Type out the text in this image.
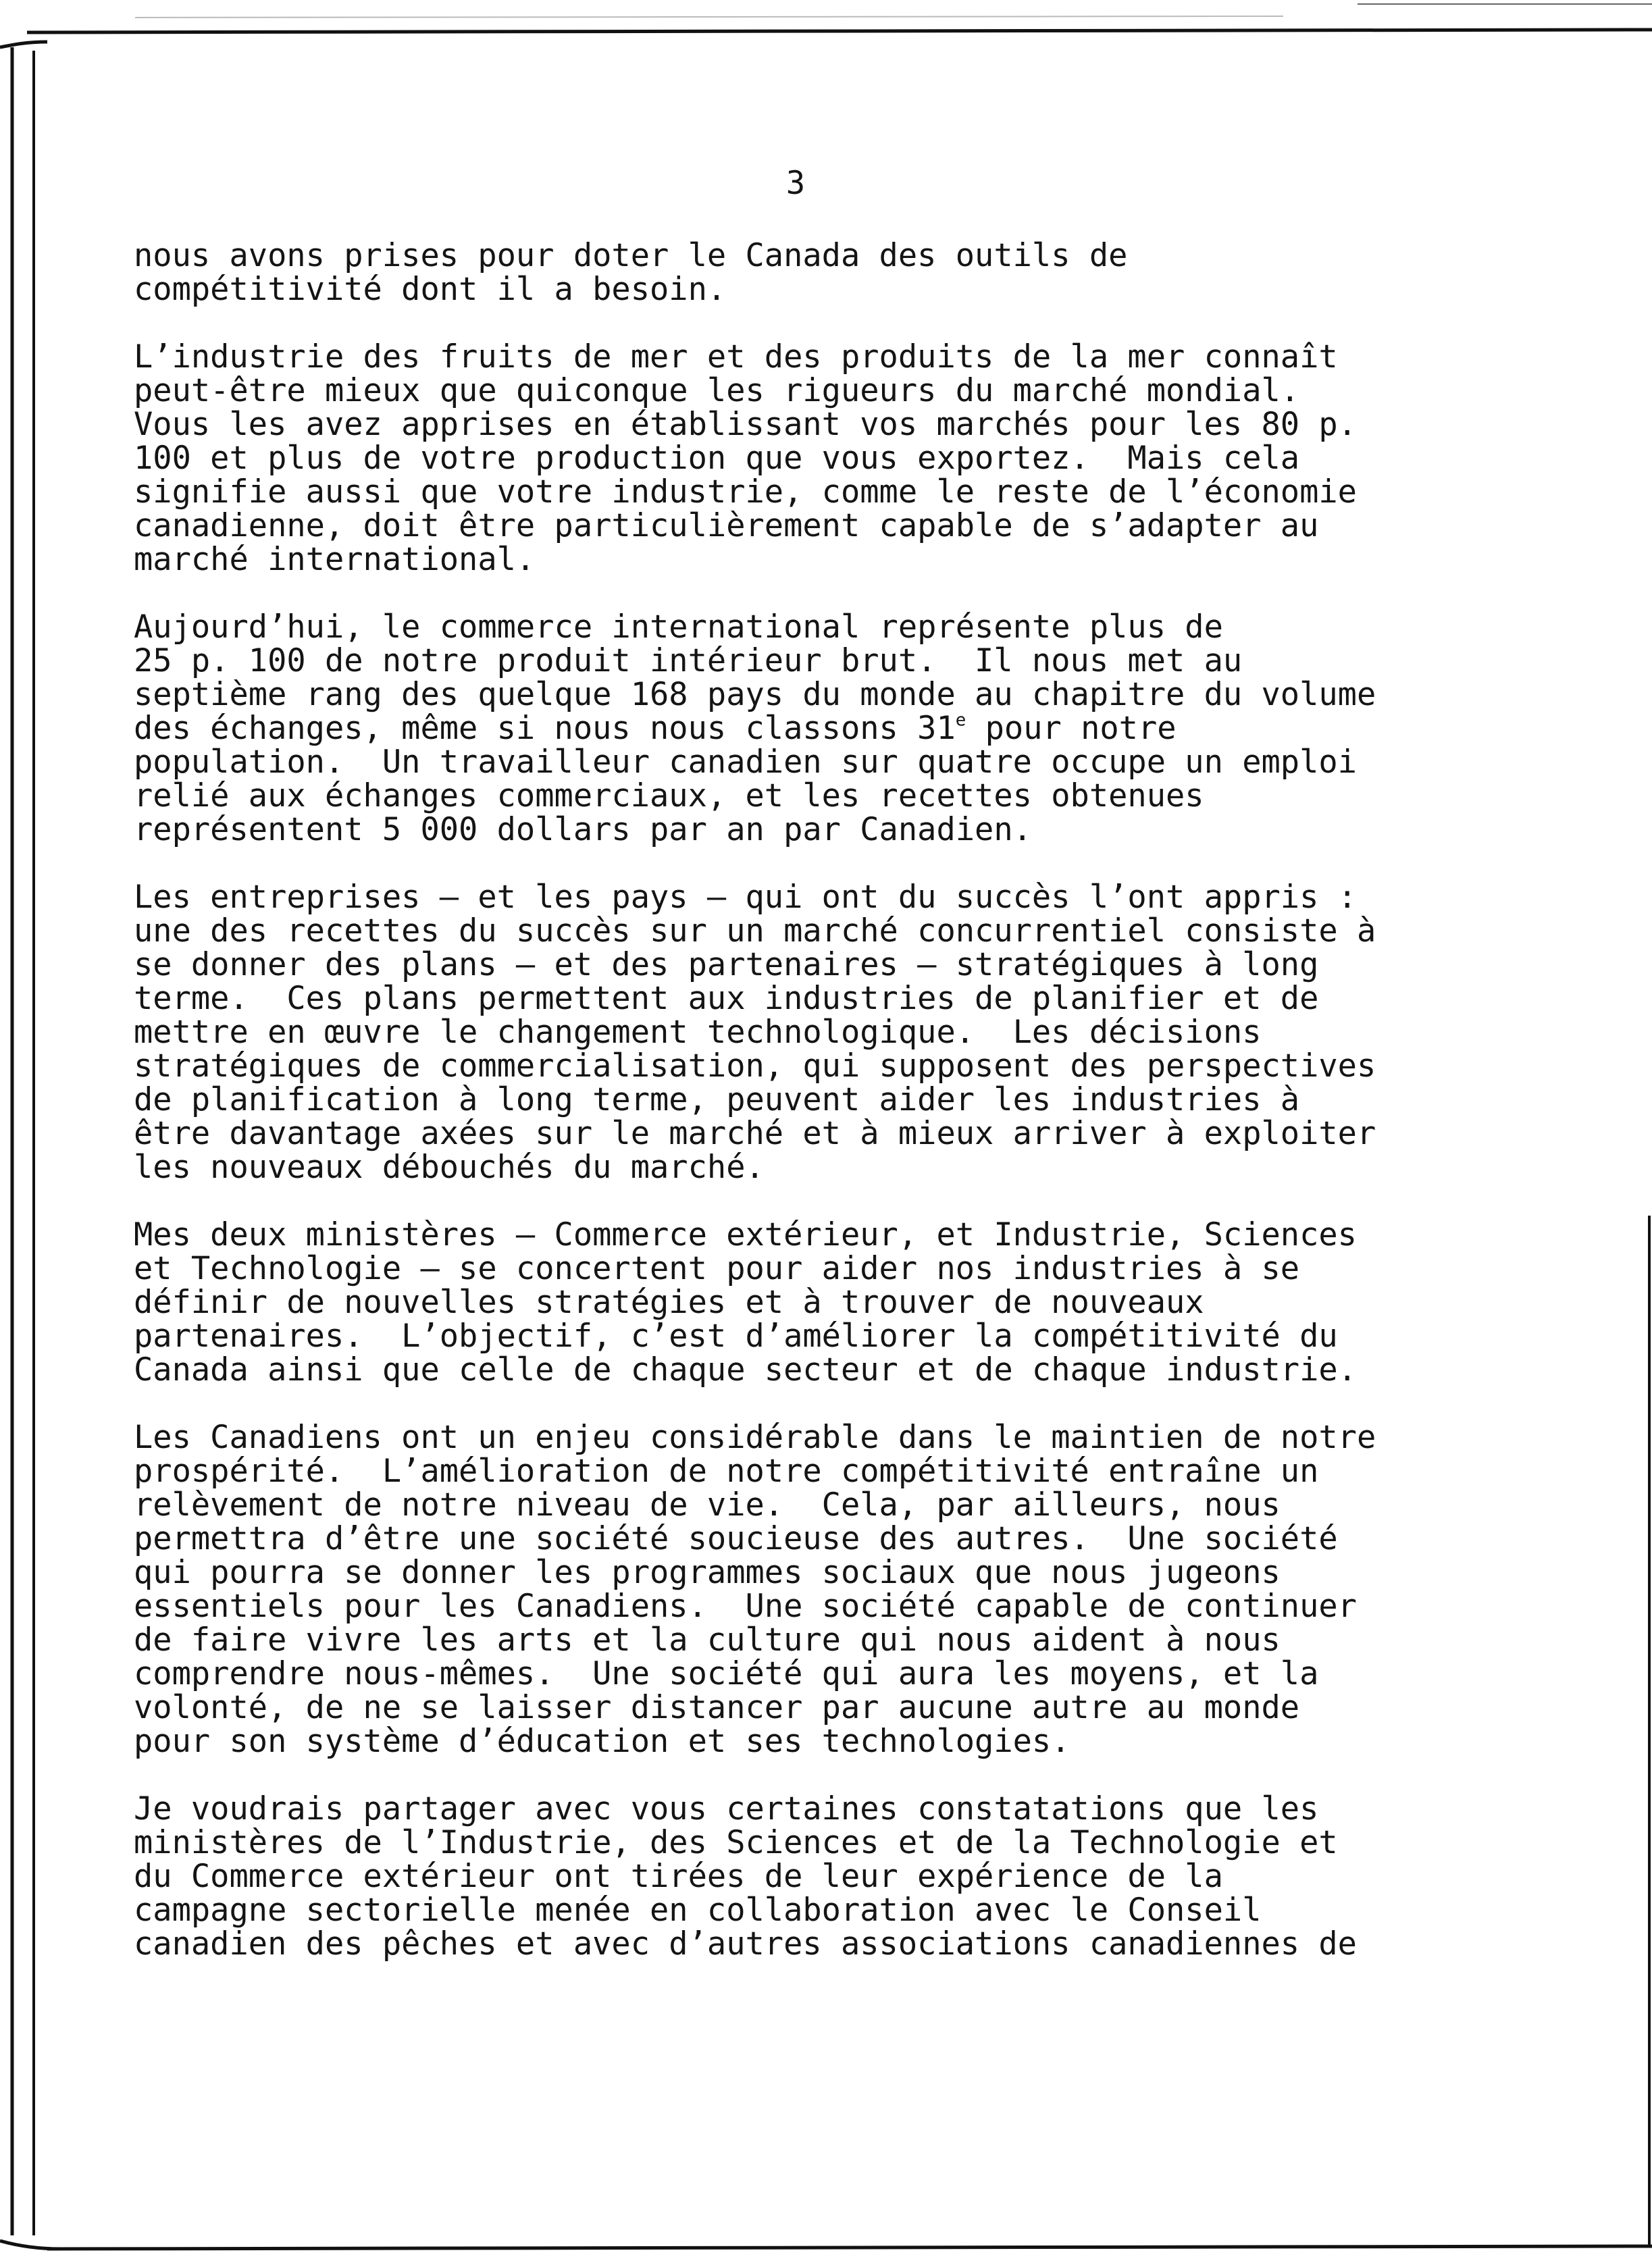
3
nous avons prises pour doter le Canada des outils de
compétitivité dont il a besoin.
L’industrie des fruits de mer et des produits de la mer connaît
peut-être mieux que quiconque les rigueurs du marché mondial.
Vous les avez apprises en établissant vos marchés pour les 80 p.
100 et plus de votre production que vous exportez.  Mais cela
signifie aussi que votre industrie, comme le reste de l’économie
canadienne, doit être particulièrement capable de s’adapter au
marché international.
Aujourd’hui, le commerce international représente plus de
25 p. 100 de notre produit intérieur brut.  Il nous met au
septième rang des quelque 168 pays du monde au chapitre du volume
des échanges, même si nous nous classons 31e pour notre
population.  Un travailleur canadien sur quatre occupe un emploi
relié aux échanges commerciaux, et les recettes obtenues
représentent 5 000 dollars par an par Canadien.
Les entreprises — et les pays — qui ont du succès l’ont appris :
une des recettes du succès sur un marché concurrentiel consiste à
se donner des plans — et des partenaires — stratégiques à long
terme.  Ces plans permettent aux industries de planifier et de
mettre en œuvre le changement technologique.  Les décisions
stratégiques de commercialisation, qui supposent des perspectives
de planification à long terme, peuvent aider les industries à
être davantage axées sur le marché et à mieux arriver à exploiter
les nouveaux débouchés du marché.
Mes deux ministères — Commerce extérieur, et Industrie, Sciences
et Technologie — se concertent pour aider nos industries à se
définir de nouvelles stratégies et à trouver de nouveaux
partenaires.  L’objectif, c’est d’améliorer la compétitivité du
Canada ainsi que celle de chaque secteur et de chaque industrie.
Les Canadiens ont un enjeu considérable dans le maintien de notre
prospérité.  L’amélioration de notre compétitivité entraîne un
relèvement de notre niveau de vie.  Cela, par ailleurs, nous
permettra d’être une société soucieuse des autres.  Une société
qui pourra se donner les programmes sociaux que nous jugeons
essentiels pour les Canadiens.  Une société capable de continuer
de faire vivre les arts et la culture qui nous aident à nous
comprendre nous-mêmes.  Une société qui aura les moyens, et la
volonté, de ne se laisser distancer par aucune autre au monde
pour son système d’éducation et ses technologies.
Je voudrais partager avec vous certaines constatations que les
ministères de l’Industrie, des Sciences et de la Technologie et
du Commerce extérieur ont tirées de leur expérience de la
campagne sectorielle menée en collaboration avec le Conseil
canadien des pêches et avec d’autres associations canadiennes de
